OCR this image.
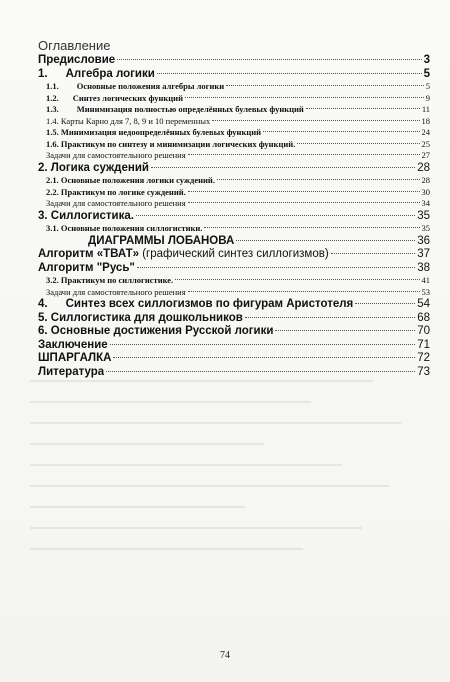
Оглавление
Предисловие	3
1. Алгебра логики	5
1.1. Основные положения алгебры логики	5
1.2. Синтез логических функций	9
1.3. Минимизация полностью определённых булевых функций	11
1.4. Карты Карно для 7, 8, 9 и 10 переменных	18
1.5. Минимизация недоопределённых булевых функций	24
1.6. Практикум по синтезу и минимизации логических функций.	25
Задачи для самостоятельного решения	27
2. Логика суждений	28
2.1. Основные положения логики суждений.	28
2.2. Практикум по логике суждений.	30
Задачи для самостоятельного решения	34
3. Силлогистика.	35
3.1. Основные положения силлогистики.	35
ДИАГРАММЫ ЛОБАНОВА	36
Алгоритм «ТВАТ» (графический синтез силлогизмов)	37
Алгоритм "Русь"	38
3.2. Практикум по силлогистике.	41
Задачи для самостоятельного решения	53
4. Синтез всех силлогизмов по фигурам Аристотеля	54
5. Силлогистика для дошкольников	68
6. Основные достижения Русской логики	70
Заключение	71
ШПАРГАЛКА	72
Литература	73
74
